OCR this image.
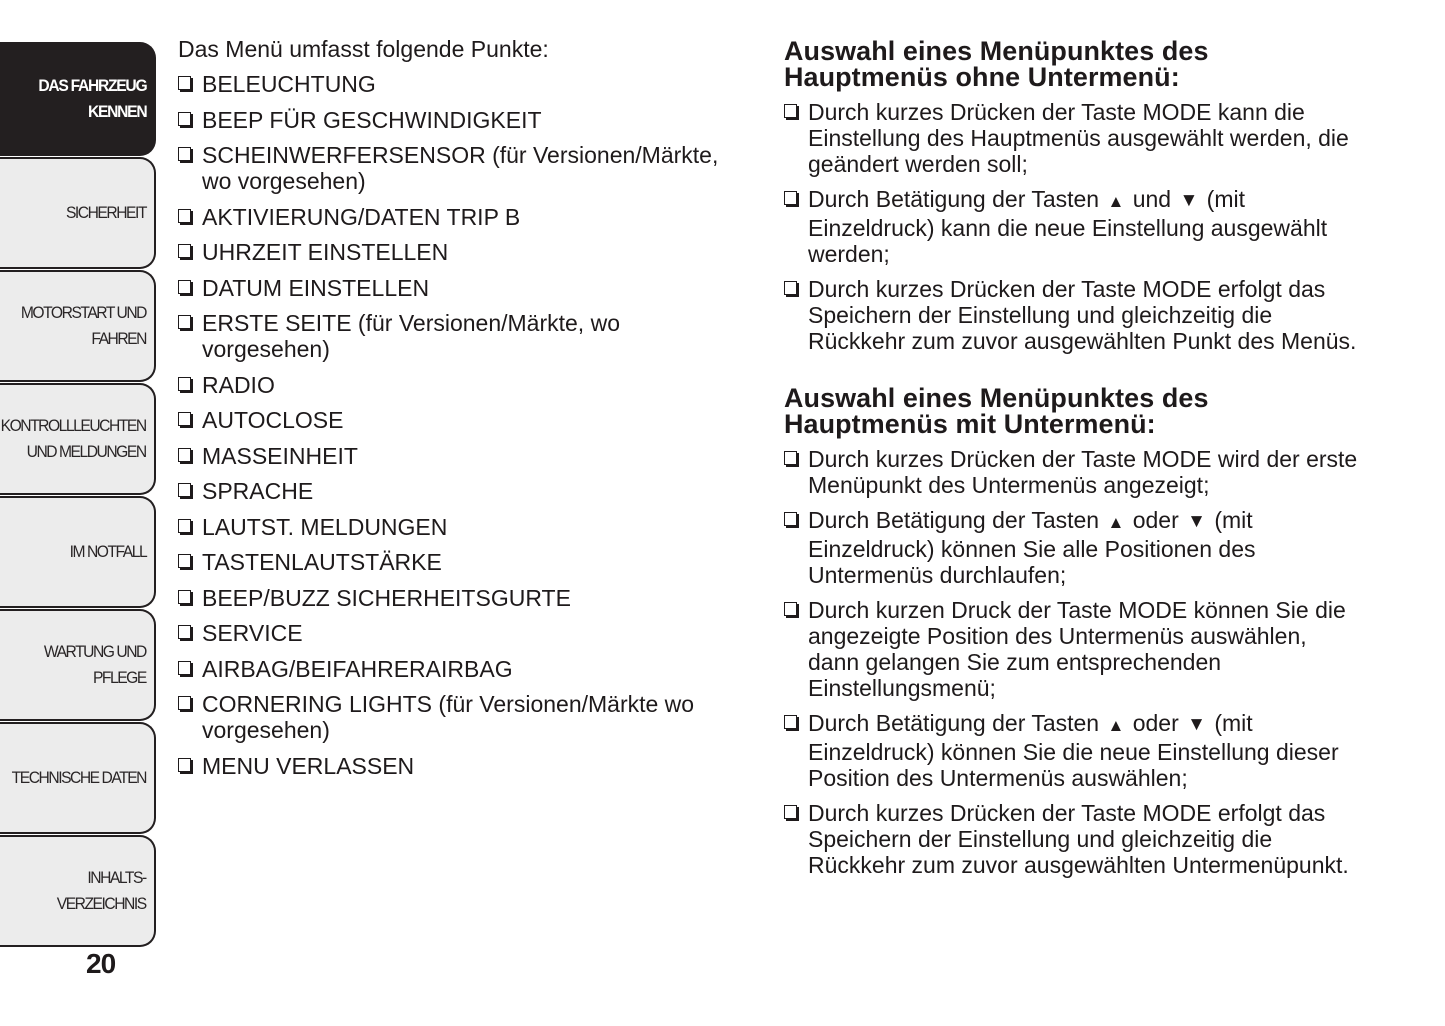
DAS FAHRZEUG
KENNEN
SICHERHEIT
MOTORSTART UND
FAHREN
KONTROLLLEUCHTEN
UND MELDUNGEN
IM NOTFALL
WARTUNG UND
PFLEGE
TECHNISCHE DATEN
INHALTS-
VERZEICHNIS
20

Das Menü umfasst folgende Punkte:

BELEUCHTUNG
BEEP FÜR GESCHWINDIGKEIT
SCHEINWERFERSENSOR (für Versionen/Märkte, wo vorgesehen)
AKTIVIERUNG/DATEN TRIP B
UHRZEIT EINSTELLEN
DATUM EINSTELLEN
ERSTE SEITE (für Versionen/Märkte, wo vorgesehen)
RADIO
AUTOCLOSE
MASSEINHEIT
SPRACHE
LAUTST. MELDUNGEN
TASTENLAUTSTÄRKE
BEEP/BUZZ SICHERHEITSGURTE
SERVICE
AIRBAG/BEIFAHRERAIRBAG
CORNERING LIGHTS (für Versionen/Märkte wo vorgesehen)
MENU VERLASSEN
Auswahl eines Menüpunktes des Hauptmenüs ohne Untermenü:
Durch kurzes Drücken der Taste MODE kann die Einstellung des Hauptmenüs ausgewählt werden, die geändert werden soll;
Durch Betätigung der Tasten ▲ und ▼ (mit Einzeldruck) kann die neue Einstellung ausgewählt werden;
Durch kurzes Drücken der Taste MODE erfolgt das Speichern der Einstellung und gleichzeitig die Rückkehr zum zuvor ausgewählten Punkt des Menüs.
Auswahl eines Menüpunktes des Hauptmenüs mit Untermenü:
Durch kurzes Drücken der Taste MODE wird der erste Menüpunkt des Untermenüs angezeigt;
Durch Betätigung der Tasten ▲ oder ▼ (mit Einzeldruck) können Sie alle Positionen des Untermenüs durchlaufen;
Durch kurzen Druck der Taste MODE können Sie die angezeigte Position des Untermenüs auswählen, dann gelangen Sie zum entsprechenden Einstellungsmenü;
Durch Betätigung der Tasten ▲ oder ▼ (mit Einzeldruck) können Sie die neue Einstellung dieser Position des Untermenüs auswählen;
Durch kurzes Drücken der Taste MODE erfolgt das Speichern der Einstellung und gleichzeitig die Rückkehr zum zuvor ausgewählten Untermenüpunkt.
